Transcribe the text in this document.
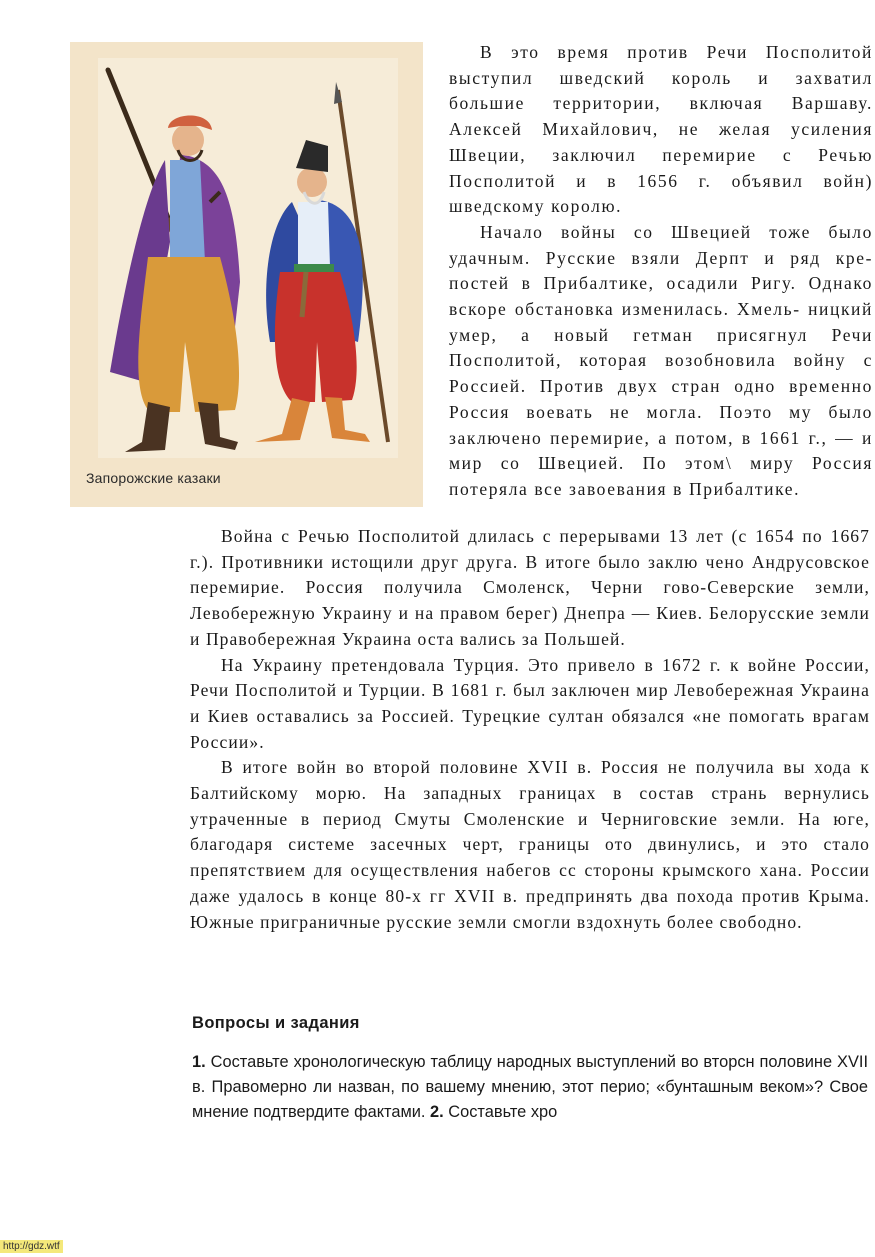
Запорожские казаки

В это время против Речи Посполитой выступил шведский король и захватил большие территории, включая Варшаву. Алексей Михайлович, не желая усиления Швеции, заключил перемирие с Речью Посполитой и в 1656 г. объявил войн) шведскому королю.

Начало войны со Швецией тоже было удачным. Русские взяли Дерпт и ряд кре- постей в Прибалтике, осадили Ригу. Однако вскоре обстановка изменилась. Хмель- ницкий умер, а новый гетман присягнул Речи Посполитой, которая возобновила войну с Россией. Против двух стран одно временно Россия воевать не могла. Поэто му было заключено перемирие, а потом, в 1661 г., — и мир со Швецией. По этом\ миру Россия потеряла все завоевания в Прибалтике.

Война с Речью Посполитой длилась с перерывами 13 лет (с 1654 по 1667 г.). Противники истощили друг друга. В итоге было заклю чено Андрусовское перемирие. Россия получила Смоленск, Черни гово-Северские земли, Левобережную Украину и на правом берег) Днепра — Киев. Белорусские земли и Правобережная Украина оста вались за Польшей.

На Украину претендовала Турция. Это привело в 1672 г. к войне России, Речи Посполитой и Турции. В 1681 г. был заключен мир Левобережная Украина и Киев оставались за Россией. Турецкие султан обязался «не помогать врагам России».

В итоге войн во второй половине XVII в. Россия не получила вы хода к Балтийскому морю. На западных границах в состав странь вернулись утраченные в период Смуты Смоленские и Черниговские земли. На юге, благодаря системе засечных черт, границы ото двинулись, и это стало препятствием для осуществления набегов сс стороны крымского хана. России даже удалось в конце 80-х гг XVII в. предпринять два похода против Крыма. Южные приграничные русские земли смогли вздохнуть более свободно.

Вопросы и задания
1. Составьте хронологическую таблицу народных выступлений во вторсн половине XVII в. Правомерно ли назван, по вашему мнению, этот перио; «бунташным веком»? Свое мнение подтвердите фактами. 2. Составьте хро
http://gdz.wtf
